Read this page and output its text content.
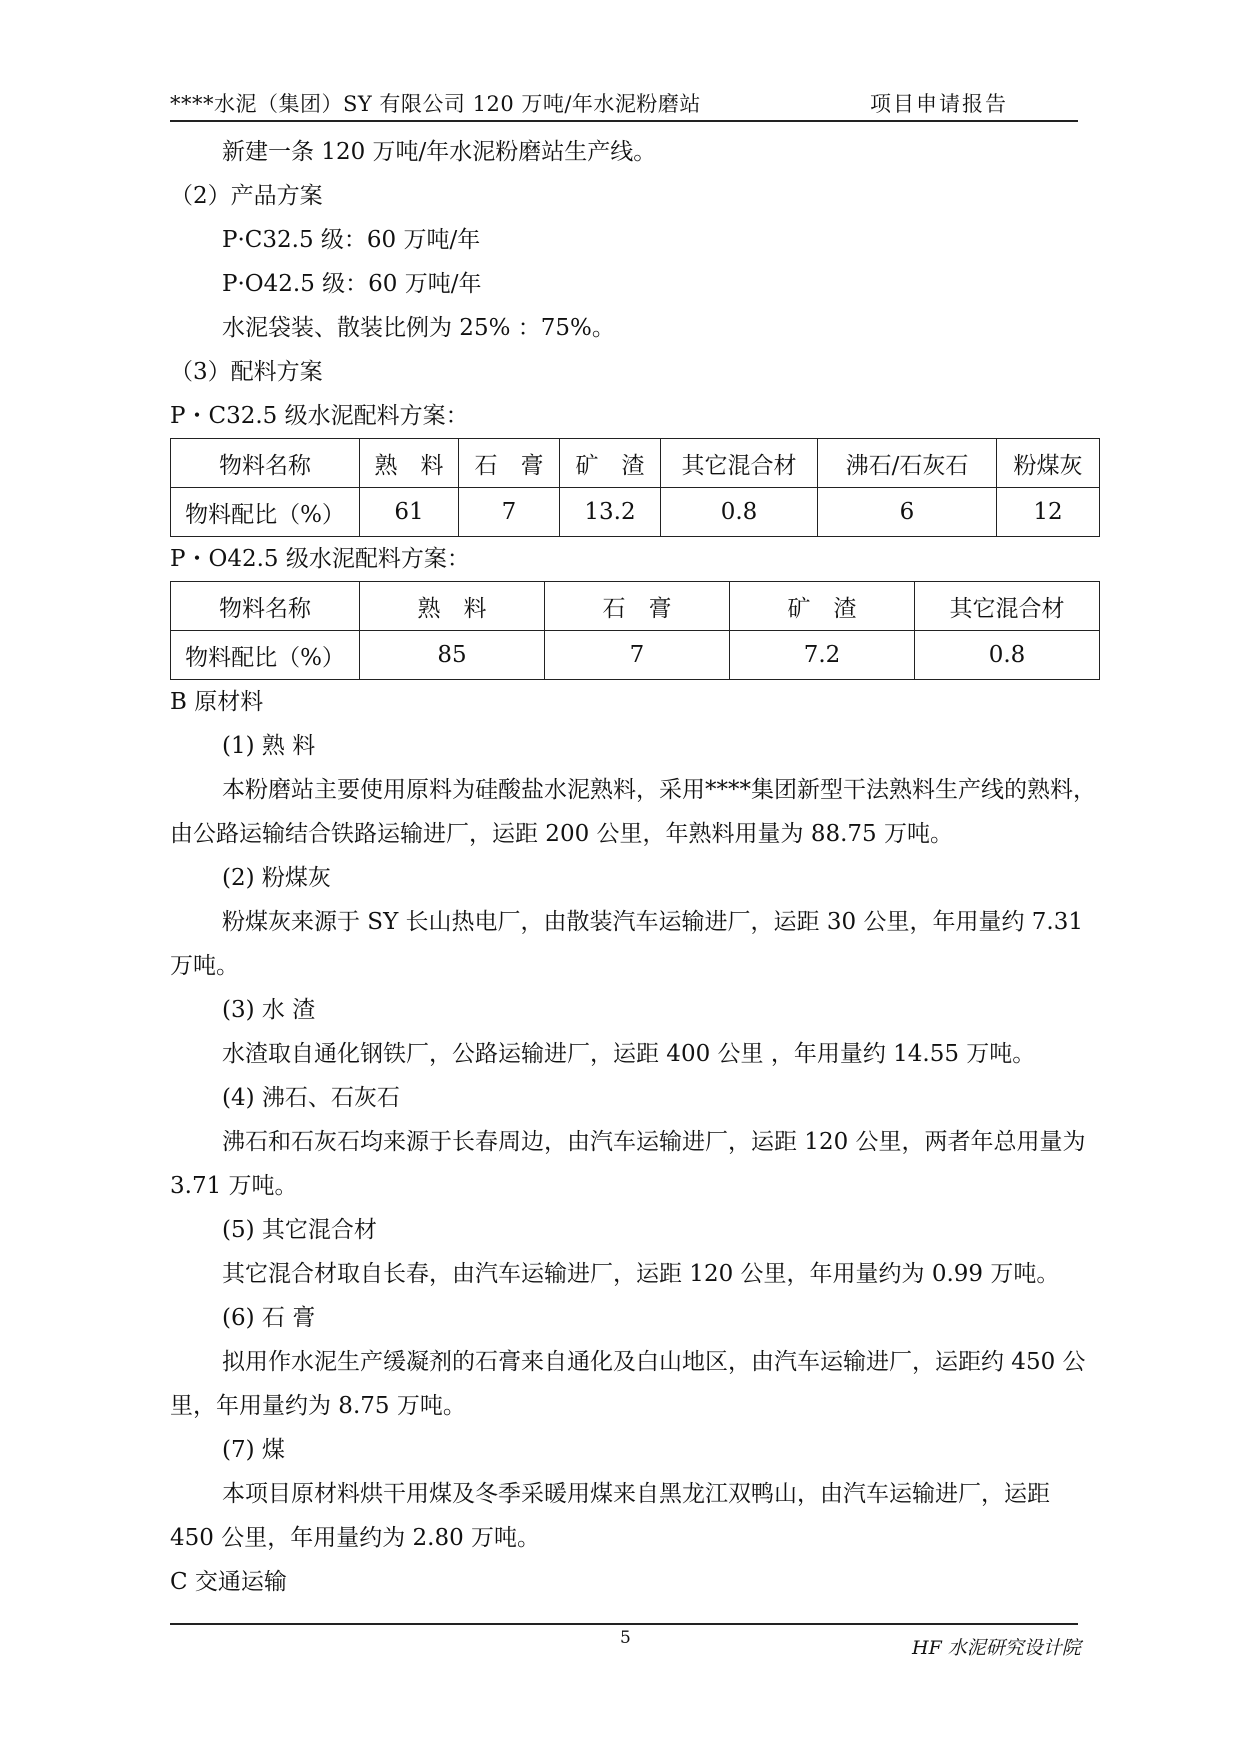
****水泥（集团）SY 有限公司 120 万吨/年水泥粉磨站	项目申请报告

新建一条 120 万吨/年水泥粉磨站生产线。

（2）产品方案

P·C32.5 级：60 万吨/年

P·O42.5 级：60 万吨/年

水泥袋装、散装比例为 25% ：75%。

（3）配料方案

P・C32.5 级水泥配料方案：

物料名称	熟　料	石　膏	矿　渣	其它混合材	沸石/石灰石	粉煤灰
物料配比（%）	61	7	13.2	0.8	6	12

P・O42.5 级水泥配料方案：

物料名称	熟　料	石　膏	矿　渣	其它混合材
物料配比（%）	85	7	7.2	0.8

B 原材料

(1) 熟 料

本粉磨站主要使用原料为硅酸盐水泥熟料，采用****集团新型干法熟料生产线的熟料，由公路运输结合铁路运输进厂，运距 200 公里，年熟料用量为 88.75 万吨。

(2) 粉煤灰

粉煤灰来源于 SY 长山热电厂，由散装汽车运输进厂，运距 30 公里，年用量约 7.31 万吨。

(3) 水 渣

水渣取自通化钢铁厂，公路运输进厂，运距 400 公里 ，年用量约 14.55 万吨。

(4) 沸石、石灰石

沸石和石灰石均来源于长春周边，由汽车运输进厂，运距 120 公里，两者年总用量为 3.71 万吨。

(5) 其它混合材

其它混合材取自长春，由汽车运输进厂，运距 120 公里，年用量约为 0.99 万吨。

(6) 石 膏

拟用作水泥生产缓凝剂的石膏来自通化及白山地区，由汽车运输进厂，运距约 450 公里，年用量约为 8.75 万吨。

(7) 煤

本项目原材料烘干用煤及冬季采暖用煤来自黑龙江双鸭山，由汽车运输进厂，运距 450 公里，年用量约为 2.80 万吨。

C 交通运输

5	HF 水泥研究设计院
